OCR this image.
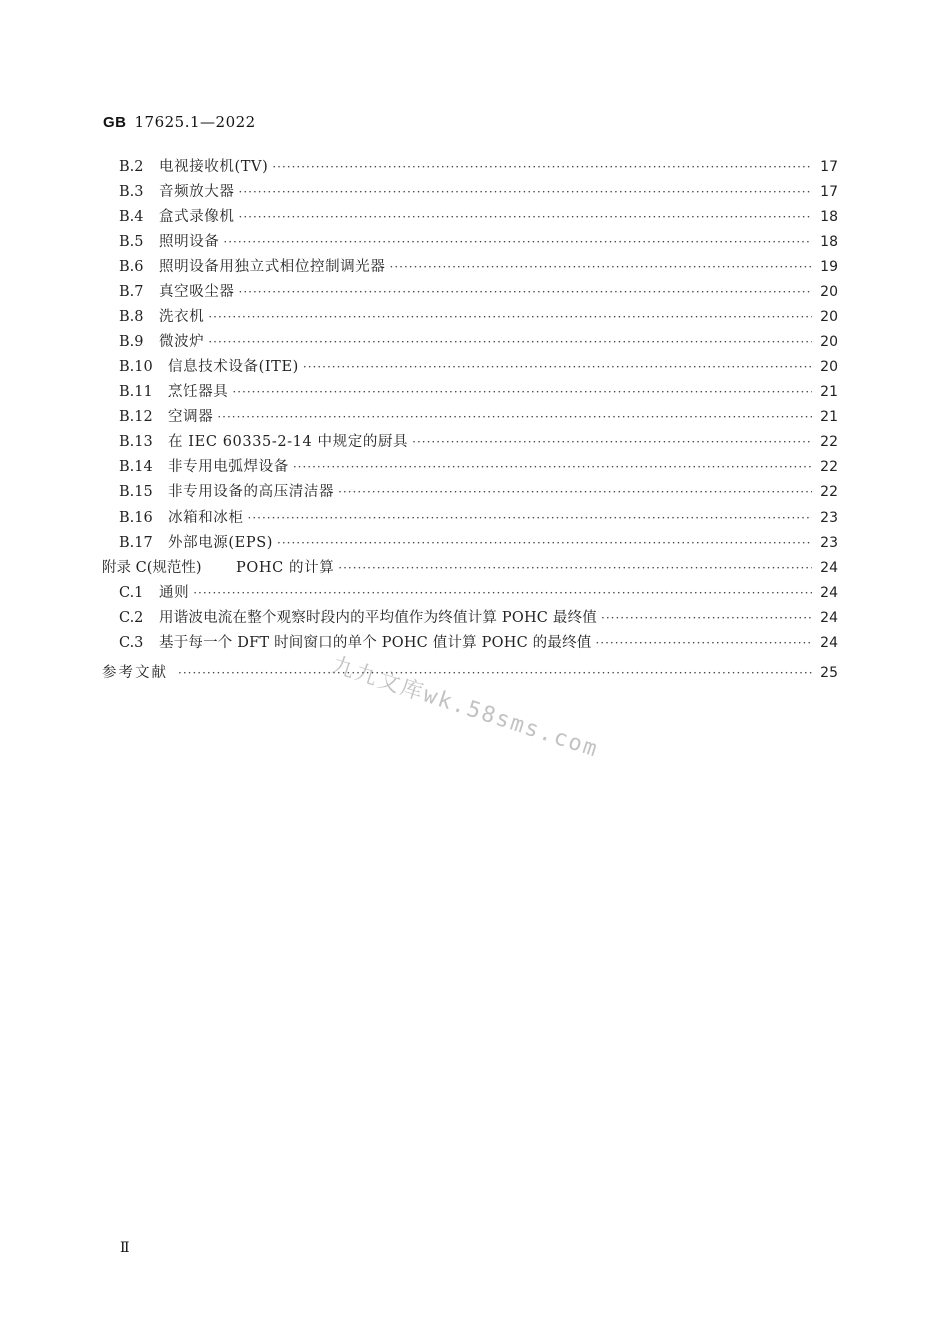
GB 17625.1—2022
B.2	电视接收机(TV) ·····	17
B.3	音频放大器 ·····	17
B.4	盒式录像机 ·····	18
B.5	照明设备 ·····	18
B.6	照明设备用独立式相位控制调光器 ·····	19
B.7	真空吸尘器 ·····	20
B.8	洗衣机 ·····	20
B.9	微波炉 ·····	20
B.10	信息技术设备(ITE) ·····	20
B.11	烹饪器具 ·····	21
B.12	空调器 ·····	21
B.13	在 IEC 60335-2-14 中规定的厨具 ·····	22
B.14	非专用电弧焊设备 ·····	22
B.15	非专用设备的高压清洁器 ·····	22
B.16	冰箱和冰柜 ·····	23
B.17	外部电源(EPS) ·····	23
附录 C(规范性)	POHC 的计算 ·····	24
C.1	通则 ·····	24
C.2	用谐波电流在整个观察时段内的平均值作为终值计算 POHC 最终值 ·····	24
C.3	基于每一个 DFT 时间窗口的单个 POHC 值计算 POHC 的最终值 ·····	24
参考文献 ·····	25
九九文库wk.58sms.com
Ⅱ
